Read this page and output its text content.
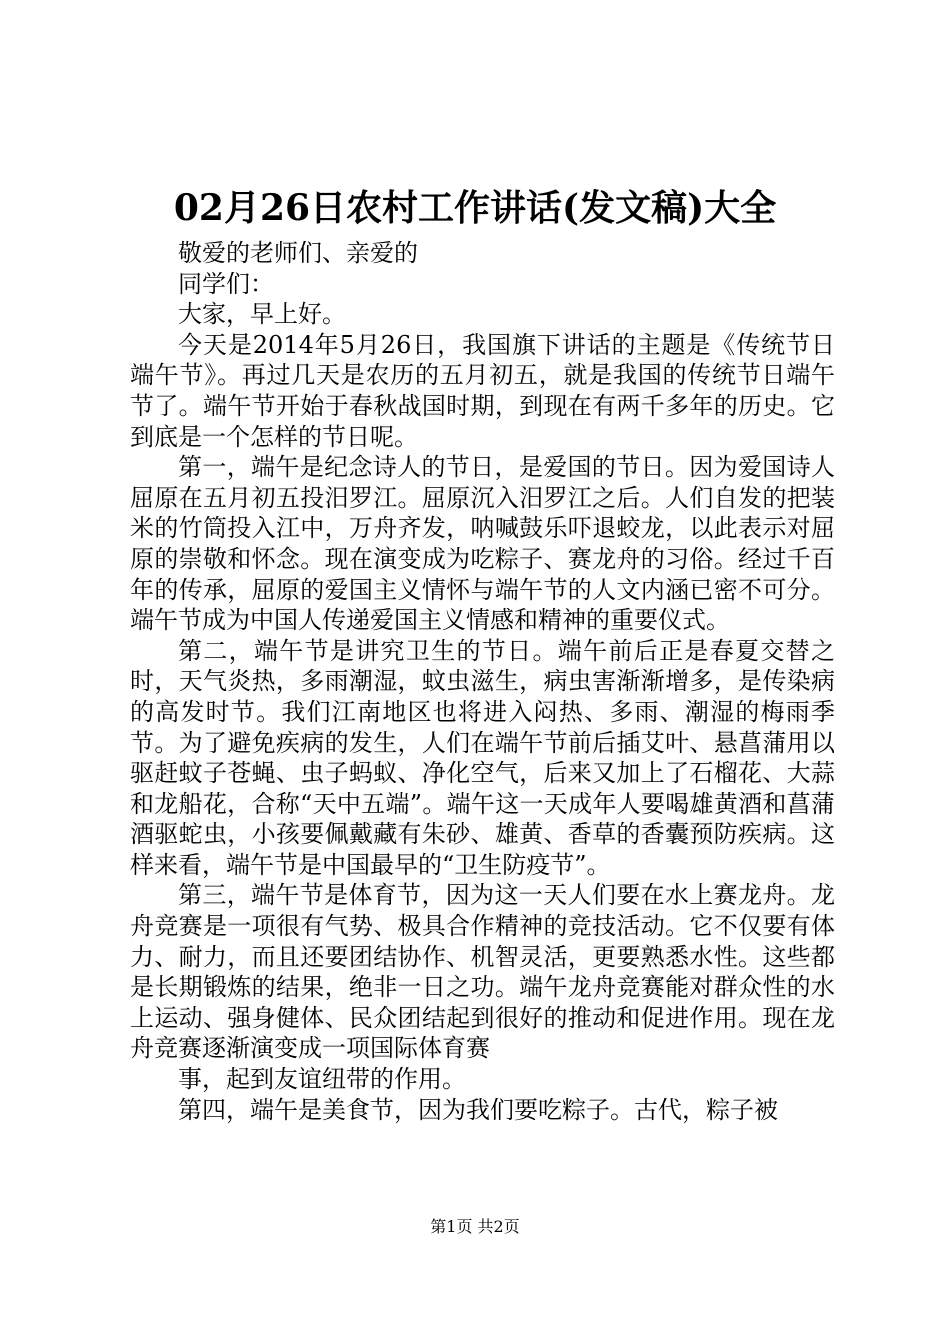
02月26日农村工作讲话(发文稿)大全

敬爱的老师们、亲爱的

同学们：

大家，早上好。

今天是2014年5月26日，我国旗下讲话的主题是《传统节日端午节》。再过几天是农历的五月初五，就是我国的传统节日端午节了。端午节开始于春秋战国时期，到现在有两千多年的历史。它到底是一个怎样的节日呢。

第一，端午是纪念诗人的节日，是爱国的节日。因为爱国诗人屈原在五月初五投汨罗江。屈原沉入汨罗江之后。人们自发的把装米的竹筒投入江中，万舟齐发，呐喊鼓乐吓退蛟龙，以此表示对屈原的崇敬和怀念。现在演变成为吃粽子、赛龙舟的习俗。经过千百年的传承，屈原的爱国主义情怀与端午节的人文内涵已密不可分。端午节成为中国人传递爱国主义情感和精神的重要仪式。

第二，端午节是讲究卫生的节日。端午前后正是春夏交替之时，天气炎热，多雨潮湿，蚊虫滋生，病虫害渐渐增多，是传染病的高发时节。我们江南地区也将进入闷热、多雨、潮湿的梅雨季节。为了避免疾病的发生，人们在端午节前后插艾叶、悬菖蒲用以驱赶蚊子苍蝇、虫子蚂蚁、净化空气，后来又加上了石榴花、大蒜和龙船花，合称“天中五端”。端午这一天成年人要喝雄黄酒和菖蒲酒驱蛇虫，小孩要佩戴藏有朱砂、雄黄、香草的香囊预防疾病。这样来看，端午节是中国最早的“卫生防疫节”。

第三，端午节是体育节，因为这一天人们要在水上赛龙舟。龙舟竞赛是一项很有气势、极具合作精神的竞技活动。它不仅要有体力、耐力，而且还要团结协作、机智灵活，更要熟悉水性。这些都是长期锻炼的结果，绝非一日之功。端午龙舟竞赛能对群众性的水上运动、强身健体、民众团结起到很好的推动和促进作用。现在龙舟竞赛逐渐演变成一项国际体育赛

事，起到友谊纽带的作用。

第四，端午是美食节，因为我们要吃粽子。古代，粽子被

第1页 共2页
